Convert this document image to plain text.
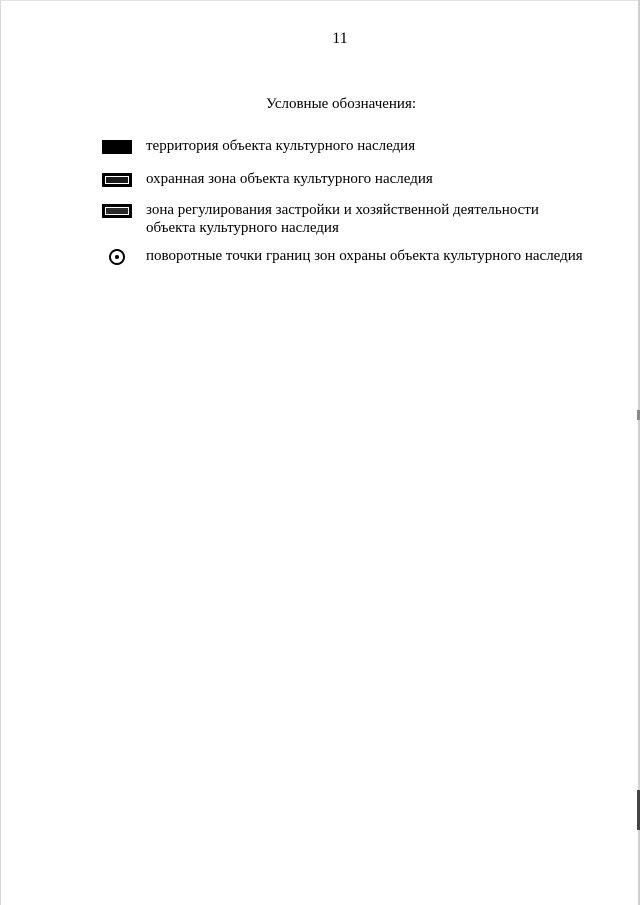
11
Условные обозначения:
территория объекта культурного наследия
охранная зона объекта культурного наследия
зона регулирования застройки и хозяйственной деятельности
объекта культурного наследия
поворотные точки границ зон охраны объекта культурного наследия
